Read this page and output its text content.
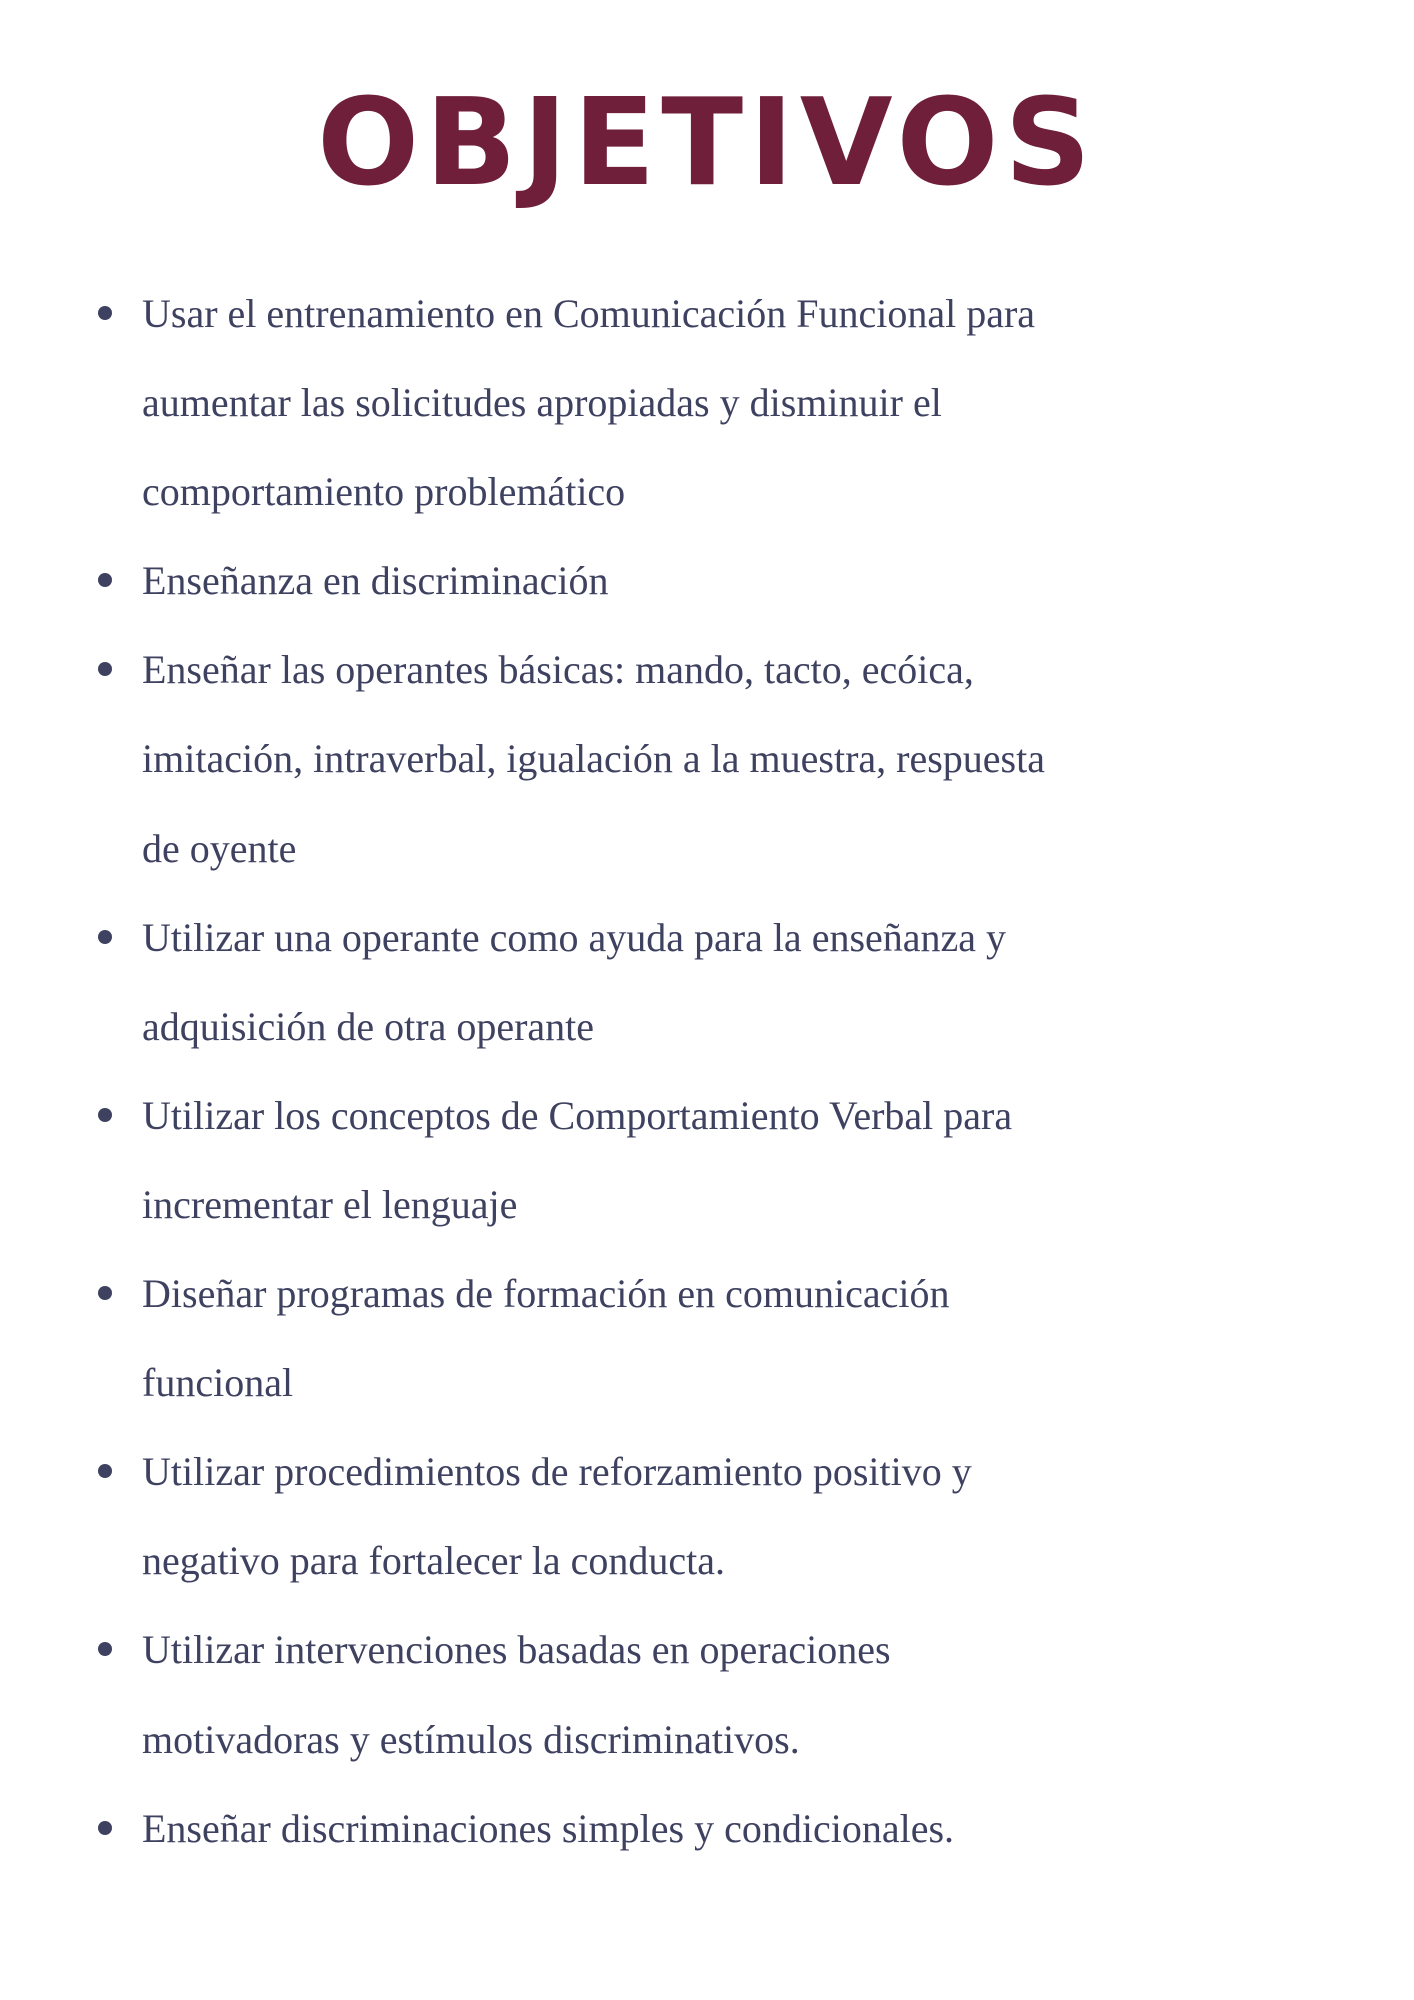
OBJETIVOS
Usar el entrenamiento en Comunicación Funcional para
aumentar las solicitudes apropiadas y disminuir el
comportamiento problemático
Enseñanza en discriminación
Enseñar las operantes básicas: mando, tacto, ecóica,
imitación, intraverbal, igualación a la muestra, respuesta
de oyente
Utilizar una operante como ayuda para la enseñanza y
adquisición de otra operante
Utilizar los conceptos de Comportamiento Verbal para
incrementar el lenguaje
Diseñar programas de formación en comunicación
funcional
Utilizar procedimientos de reforzamiento positivo y
negativo para fortalecer la conducta.
Utilizar intervenciones basadas en operaciones
motivadoras y estímulos discriminativos.
Enseñar discriminaciones simples y condicionales.
